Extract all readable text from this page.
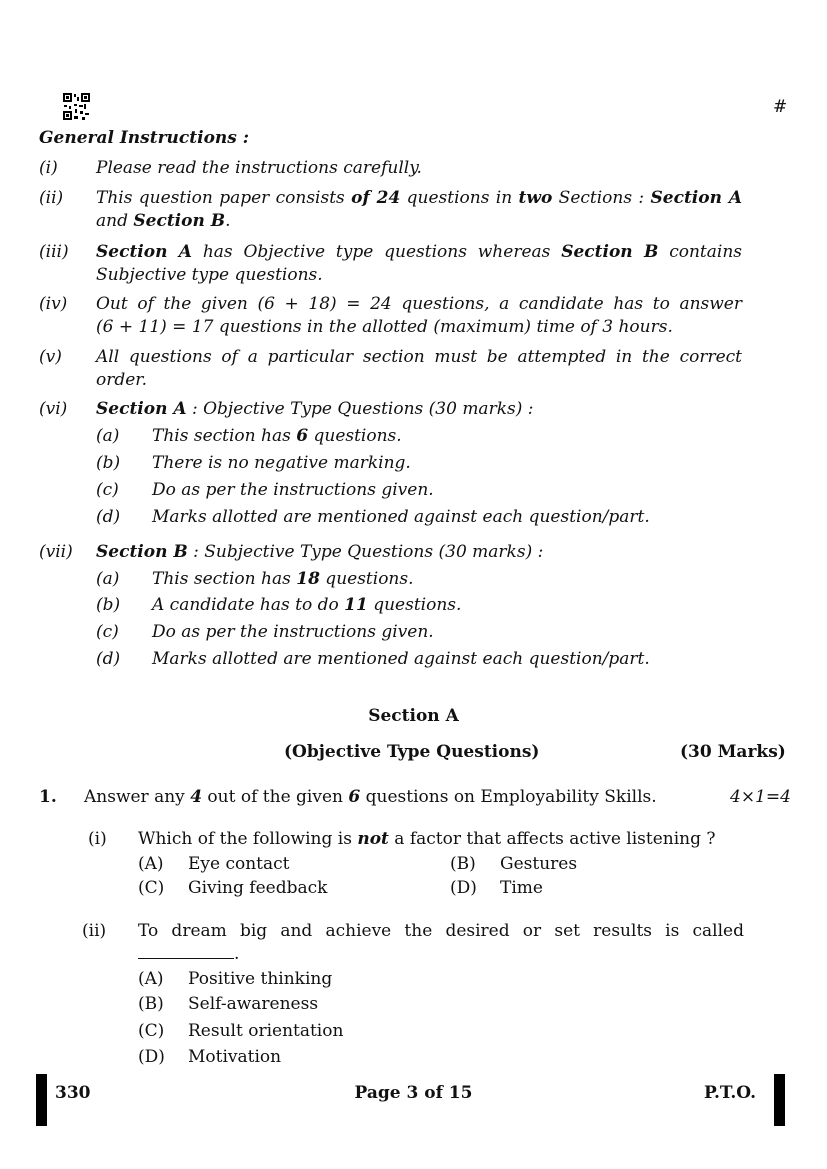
#
General Instructions :
(i) Please read the instructions carefully.
(ii) This question paper consists of 24 questions in two Sections : Section A
and Section B.
(iii) Section A has Objective type questions whereas Section B contains
Subjective type questions.
(iv) Out of the given (6 + 18) = 24 questions, a candidate has to answer
(6 + 11) = 17 questions in the allotted (maximum) time of 3 hours.
(v) All questions of a particular section must be attempted in the correct
order.
(vi) Section A : Objective Type Questions (30 marks) :
(a) This section has 6 questions.
(b) There is no negative marking.
(c) Do as per the instructions given.
(d) Marks allotted are mentioned against each question/part.
(vii) Section B : Subjective Type Questions (30 marks) :
(a) This section has 18 questions.
(b) A candidate has to do 11 questions.
(c) Do as per the instructions given.
(d) Marks allotted are mentioned against each question/part.
Section A
(Objective Type Questions)	(30 Marks)
1. Answer any 4 out of the given 6 questions on Employability Skills.	4×1=4
(i) Which of the following is not a factor that affects active listening ?
(A) Eye contact	(B) Gestures
(C) Giving feedback	(D) Time
(ii) To dream big and achieve the desired or set results is called
.
(A) Positive thinking
(B) Self-awareness
(C) Result orientation
(D) Motivation
330	Page 3 of 15	P.T.O.
